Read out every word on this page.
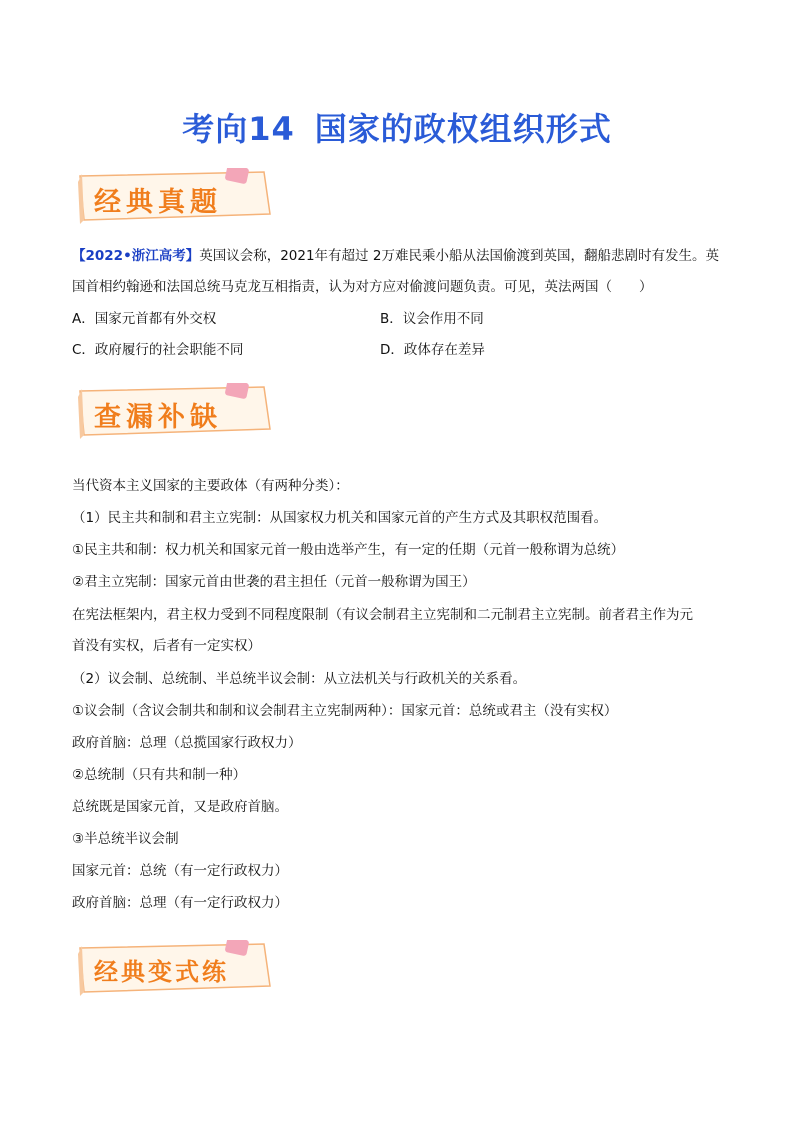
考向14 国家的政权组织形式
经典真题
【2022•浙江高考】英国议会称，2021年有超过 2万难民乘小船从法国偷渡到英国，翻船悲剧时有发生。英
国首相约翰逊和法国总统马克龙互相指责，认为对方应对偷渡问题负责。可见，英法两国（　　）
A．国家元首都有外交权	B．议会作用不同
C．政府履行的社会职能不同	D．政体存在差异
查漏补缺
当代资本主义国家的主要政体（有两种分类）：
（1）民主共和制和君主立宪制：从国家权力机关和国家元首的产生方式及其职权范围看。
①民主共和制：权力机关和国家元首一般由选举产生，有一定的任期（元首一般称谓为总统）
②君主立宪制：国家元首由世袭的君主担任（元首一般称谓为国王）
在宪法框架内，君主权力受到不同程度限制（有议会制君主立宪制和二元制君主立宪制。前者君主作为元
首没有实权，后者有一定实权）
（2）议会制、总统制、半总统半议会制：从立法机关与行政机关的关系看。
①议会制（含议会制共和制和议会制君主立宪制两种）：国家元首：总统或君主（没有实权）
政府首脑：总理（总揽国家行政权力）
②总统制（只有共和制一种）
总统既是国家元首，又是政府首脑。
③半总统半议会制
国家元首：总统（有一定行政权力）
政府首脑：总理（有一定行政权力）
经典变式练
